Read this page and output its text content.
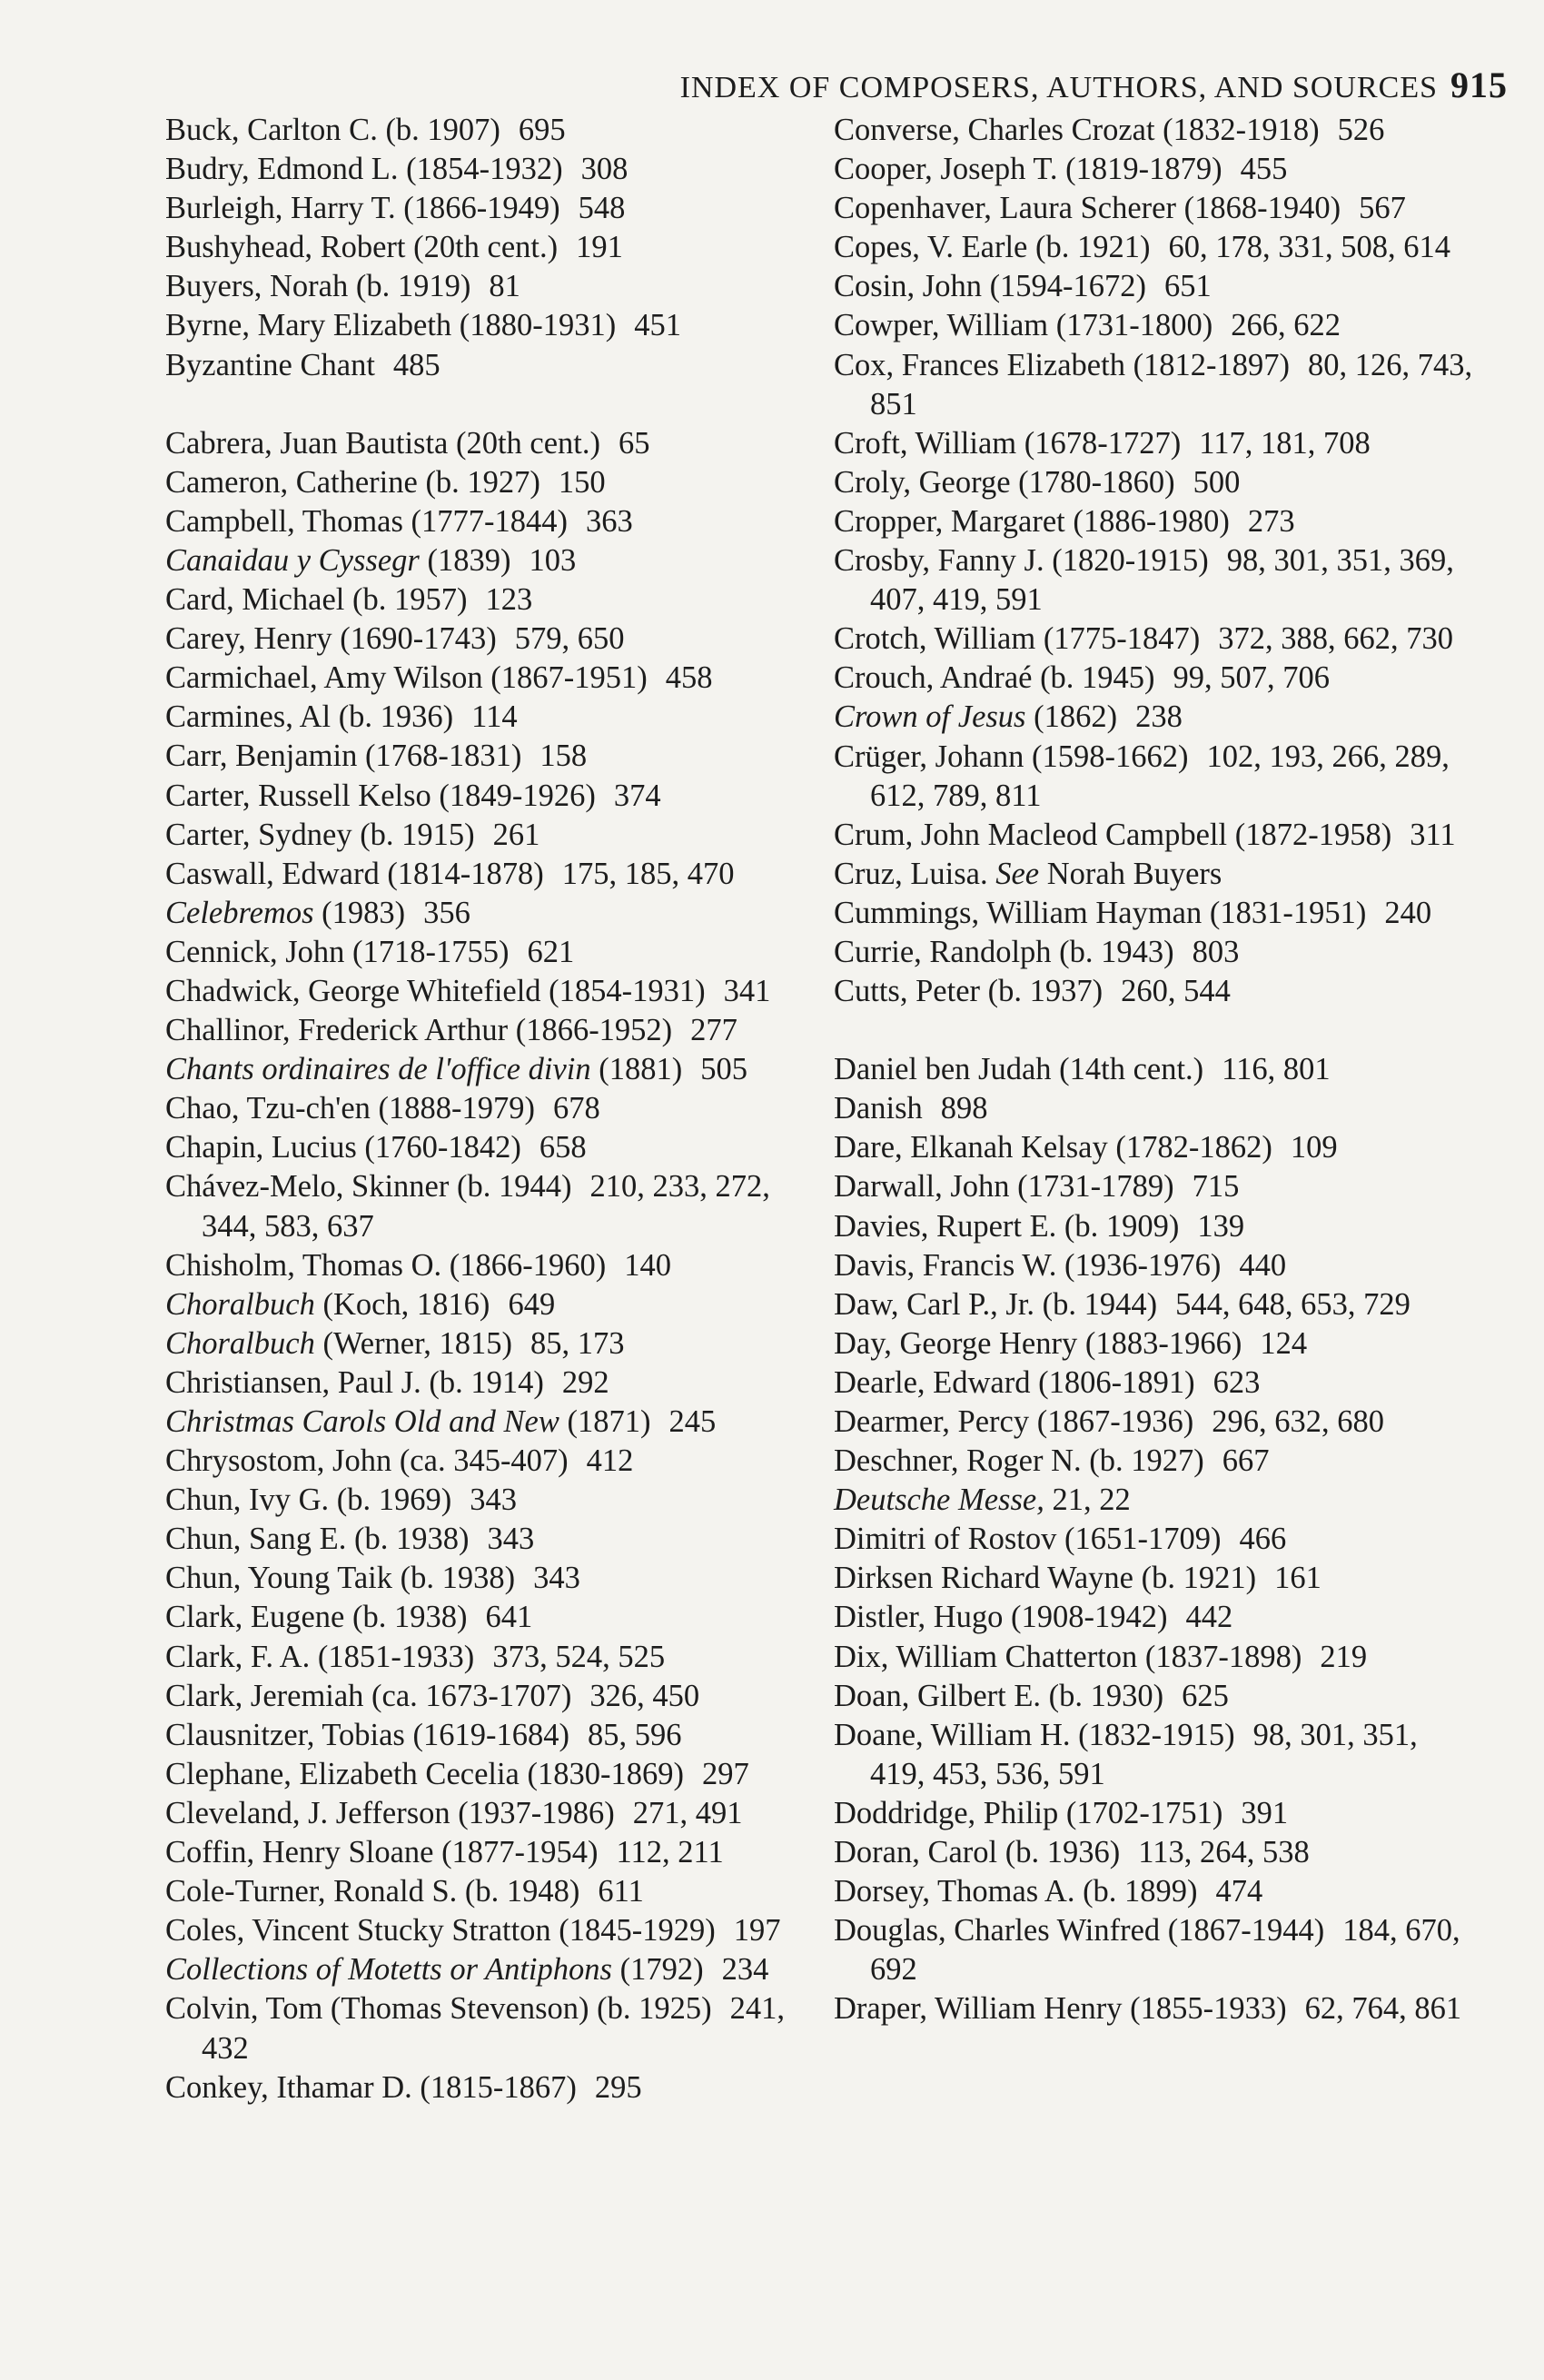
INDEX OF COMPOSERS, AUTHORS, AND SOURCES 915
Buck, Carlton C. (b. 1907) 695
Budry, Edmond L. (1854-1932) 308
Burleigh, Harry T. (1866-1949) 548
Bushyhead, Robert (20th cent.) 191
Buyers, Norah (b. 1919) 81
Byrne, Mary Elizabeth (1880-1931) 451
Byzantine Chant 485
Cabrera, Juan Bautista (20th cent.) 65
Cameron, Catherine (b. 1927) 150
Campbell, Thomas (1777-1844) 363
Canaidau y Cyssegr (1839) 103
Card, Michael (b. 1957) 123
Carey, Henry (1690-1743) 579, 650
Carmichael, Amy Wilson (1867-1951) 458
Carmines, Al (b. 1936) 114
Carr, Benjamin (1768-1831) 158
Carter, Russell Kelso (1849-1926) 374
Carter, Sydney (b. 1915) 261
Caswall, Edward (1814-1878) 175, 185, 470
Celebremos (1983) 356
Cennick, John (1718-1755) 621
Chadwick, George Whitefield (1854-1931) 341
Challinor, Frederick Arthur (1866-1952) 277
Chants ordinaires de l'office divin (1881) 505
Chao, Tzu-ch'en (1888-1979) 678
Chapin, Lucius (1760-1842) 658
Chávez-Melo, Skinner (b. 1944) 210, 233, 272, 344, 583, 637
Chisholm, Thomas O. (1866-1960) 140
Choralbuch (Koch, 1816) 649
Choralbuch (Werner, 1815) 85, 173
Christiansen, Paul J. (b. 1914) 292
Christmas Carols Old and New (1871) 245
Chrysostom, John (ca. 345-407) 412
Chun, Ivy G. (b. 1969) 343
Chun, Sang E. (b. 1938) 343
Chun, Young Taik (b. 1938) 343
Clark, Eugene (b. 1938) 641
Clark, F. A. (1851-1933) 373, 524, 525
Clark, Jeremiah (ca. 1673-1707) 326, 450
Clausnitzer, Tobias (1619-1684) 85, 596
Clephane, Elizabeth Cecelia (1830-1869) 297
Cleveland, J. Jefferson (1937-1986) 271, 491
Coffin, Henry Sloane (1877-1954) 112, 211
Cole-Turner, Ronald S. (b. 1948) 611
Coles, Vincent Stucky Stratton (1845-1929) 197
Collections of Motetts or Antiphons (1792) 234
Colvin, Tom (Thomas Stevenson) (b. 1925) 241, 432
Conkey, Ithamar D. (1815-1867) 295
Converse, Charles Crozat (1832-1918) 526
Cooper, Joseph T. (1819-1879) 455
Copenhaver, Laura Scherer (1868-1940) 567
Copes, V. Earle (b. 1921) 60, 178, 331, 508, 614
Cosin, John (1594-1672) 651
Cowper, William (1731-1800) 266, 622
Cox, Frances Elizabeth (1812-1897) 80, 126, 743, 851
Croft, William (1678-1727) 117, 181, 708
Croly, George (1780-1860) 500
Cropper, Margaret (1886-1980) 273
Crosby, Fanny J. (1820-1915) 98, 301, 351, 369, 407, 419, 591
Crotch, William (1775-1847) 372, 388, 662, 730
Crouch, Andraé (b. 1945) 99, 507, 706
Crown of Jesus (1862) 238
Crüger, Johann (1598-1662) 102, 193, 266, 289, 612, 789, 811
Crum, John Macleod Campbell (1872-1958) 311
Cruz, Luisa. See Norah Buyers
Cummings, William Hayman (1831-1951) 240
Currie, Randolph (b. 1943) 803
Cutts, Peter (b. 1937) 260, 544
Daniel ben Judah (14th cent.) 116, 801
Danish 898
Dare, Elkanah Kelsay (1782-1862) 109
Darwall, John (1731-1789) 715
Davies, Rupert E. (b. 1909) 139
Davis, Francis W. (1936-1976) 440
Daw, Carl P., Jr. (b. 1944) 544, 648, 653, 729
Day, George Henry (1883-1966) 124
Dearle, Edward (1806-1891) 623
Dearmer, Percy (1867-1936) 296, 632, 680
Deschner, Roger N. (b. 1927) 667
Deutsche Messe, 21, 22
Dimitri of Rostov (1651-1709) 466
Dirksen Richard Wayne (b. 1921) 161
Distler, Hugo (1908-1942) 442
Dix, William Chatterton (1837-1898) 219
Doan, Gilbert E. (b. 1930) 625
Doane, William H. (1832-1915) 98, 301, 351, 419, 453, 536, 591
Doddridge, Philip (1702-1751) 391
Doran, Carol (b. 1936) 113, 264, 538
Dorsey, Thomas A. (b. 1899) 474
Douglas, Charles Winfred (1867-1944) 184, 670, 692
Draper, William Henry (1855-1933) 62, 764, 861
